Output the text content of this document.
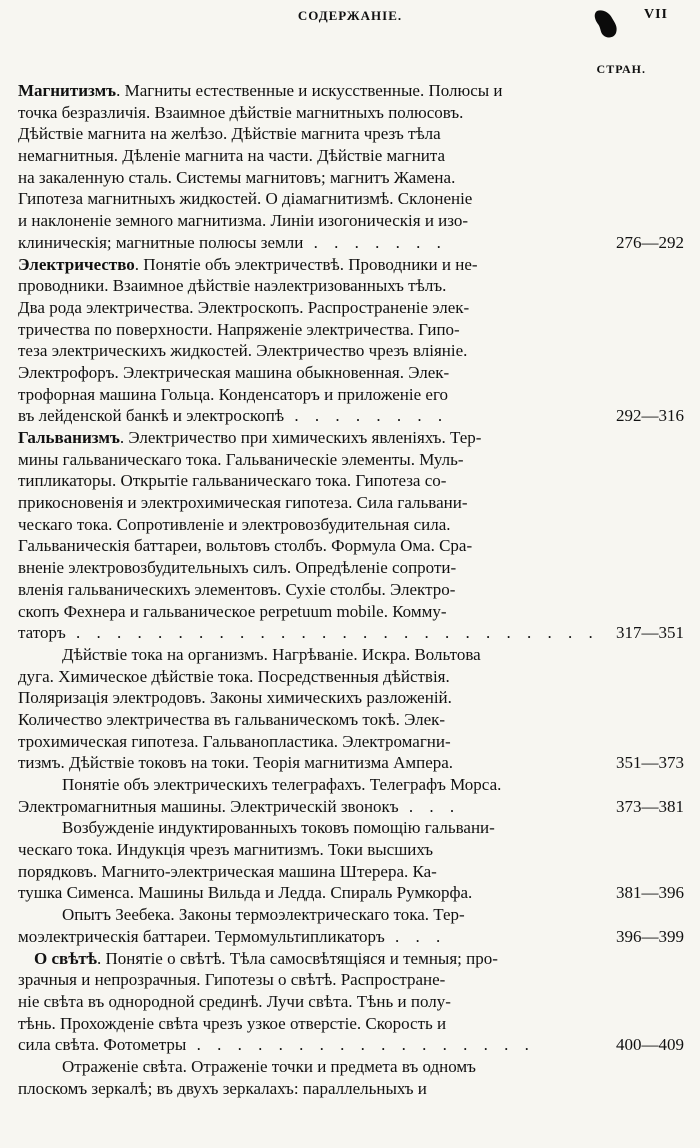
СОДЕРЖАНІЕ.	VII
СТРАН.
Магнитизмъ. Магниты естественные и искусственные. Полюсы и
точка безразличія. Взаимное дѣйствіе магнитныхъ полюсовъ.
Дѣйствіе магнита на желѣзо. Дѣйствіе магнита чрезъ тѣла
немагнитныя. Дѣленіе магнита на части. Дѣйствіе магнита
на закаленную сталь. Системы магнитовъ; магнитъ Жамена.
Гипотеза магнитныхъ жидкостей. О діамагнитизмѣ. Склоненіе
и наклоненіе земного магнитизма. Линіи изогоническія и изо-
клиническія; магнитные полюсы земли . . . . . . .	276—292
Электричество. Понятіе объ электричествѣ. Проводники и не-
проводники. Взаимное дѣйствіе наэлектризованныхъ тѣлъ.
Два рода электричества. Электроскопъ. Распространеніе элек-
тричества по поверхности. Напряженіе электричества. Гипо-
теза электрическихъ жидкостей. Электричество чрезъ вліяніе.
Электрофоръ. Электрическая машина обыкновенная. Элек-
трофорная машина Гольца. Конденсаторъ и приложеніе его
въ лейденской банкѣ и электроскопѣ . . . . . . . .	292—316
Гальванизмъ. Электричество при химическихъ явленіяхъ. Тер-
мины гальваническаго тока. Гальваническіе элементы. Муль-
типликаторы. Открытіе гальваническаго тока. Гипотеза со-
прикосновенія и электрохимическая гипотеза. Сила гальвани-
ческаго тока. Сопротивленіе и электровозбудительная сила.
Гальваническія баттареи, вольтовъ столбъ. Формула Ома. Сра-
вненіе электровозбудительныхъ силъ. Опредѣленіе сопроти-
вленія гальваническихъ элементовъ. Сухіе столбы. Электро-
скопъ Фехнера и гальваническое perpetuum mobile. Комму-
таторъ . . . . . . . . . . . . . . . . . . . . . . . . . .	317—351
Дѣйствіе тока на организмъ. Нагрѣваніе. Искра. Вольтова
дуга. Химическое дѣйствіе тока. Посредственныя дѣйствія.
Поляризація электродовъ. Законы химическихъ разложеній.
Количество электричества въ гальваническомъ токѣ. Элек-
трохимическая гипотеза. Гальванопластика. Электромагни-
тизмъ. Дѣйствіе токовъ на токи. Теорія магнитизма Ампера.	351—373
Понятіе объ электрическихъ телеграфахъ. Телеграфъ Морса.
Электромагнитныя машины. Электрическій звонокъ . . .	373—381
Возбужденіе индуктированныхъ токовъ помощію гальвани-
ческаго тока. Индукція чрезъ магнитизмъ. Токи высшихъ
порядковъ. Магнито-электрическая машина Штерера. Ка-
тушка Сименса. Машины Вильда и Ледда. Спираль Румкорфа.	381—396
Опытъ Зеебека. Законы термоэлектрическаго тока. Тер-
моэлектрическія баттареи. Термомультипликаторъ . . .	396—399
О свѣтѣ. Понятіе о свѣтѣ. Тѣла самосвѣтящіяся и темныя; про-
зрачныя и непрозрачныя. Гипотезы о свѣтѣ. Распростране-
ніе свѣта въ однородной срединѣ. Лучи свѣта. Тѣнь и полу-
тѣнь. Прохожденіе свѣта чрезъ узкое отверстіе. Скорость и
сила свѣта. Фотометры . . . . . . . . . . . . . . . . .	400—409
Отраженіе свѣта. Отраженіе точки и предмета въ одномъ
плоскомъ зеркалѣ; въ двухъ зеркалахъ: параллельныхъ и
